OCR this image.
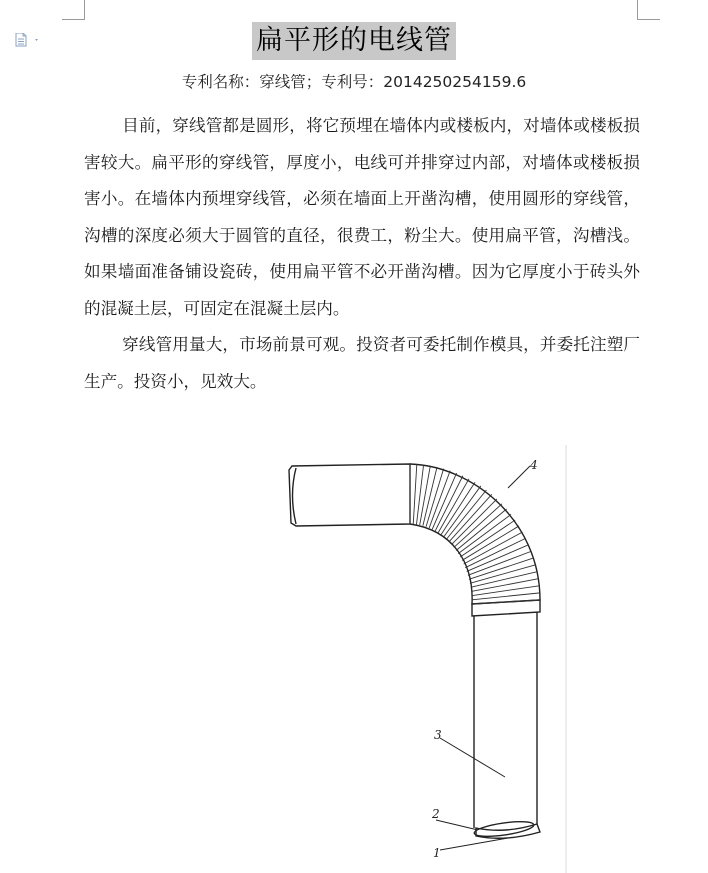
扁平形的电线管
专利名称：穿线管；专利号：2014250254159.6

目前，穿线管都是圆形，将它预埋在墙体内或楼板内，对墙体或楼板损害较大。扁平形的穿线管，厚度小，电线可并排穿过内部，对墙体或楼板损害小。在墙体内预埋穿线管，必须在墙面上开凿沟槽，使用圆形的穿线管，沟槽的深度必须大于圆管的直径，很费工，粉尘大。使用扁平管，沟槽浅。如果墙面准备铺设瓷砖，使用扁平管不必开凿沟槽。因为它厚度小于砖头外的混凝土层，可固定在混凝土层内。

穿线管用量大，市场前景可观。投资者可委托制作模具，并委托注塑厂生产。投资小，见效大。

4
3
2
1
